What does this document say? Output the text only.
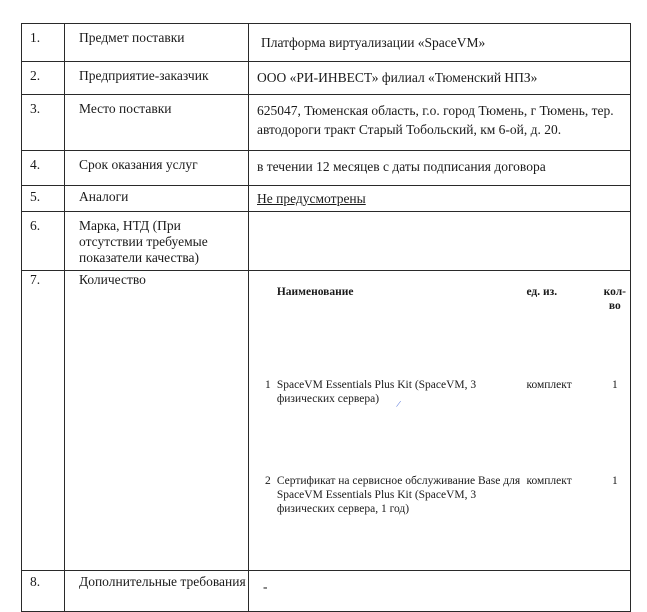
1.	Предмет поставки	Платформа виртуализации «SpaceVM»
2.	Предприятие-заказчик	ООО «РИ-ИНВЕСТ» филиал «Тюменский НПЗ»
3.	Место поставки	625047, Тюменская область, г.о. город Тюмень, г Тюмень, тер. автодороги тракт Старый Тобольский, км 6-ой, д. 20.
4.	Срок оказания услуг	в течении 12 месяцев с даты подписания договора
5.	Аналоги	Не предусмотрены
6.	Марка, НТД (При отсутствии требуемые показатели качества)	
7.	Количество	
	Наименование	ед. из.	кол-во
1	SpaceVM Essentials Plus Kit (SpaceVM, 3 физических сервера)	комплект	1
2	Сертификат на сервисное обслуживание Base для SpaceVM Essentials Plus Kit (SpaceVM, 3 физических сервера, 1 год)	комплект	1

8.	Дополнительные требования	-
/
